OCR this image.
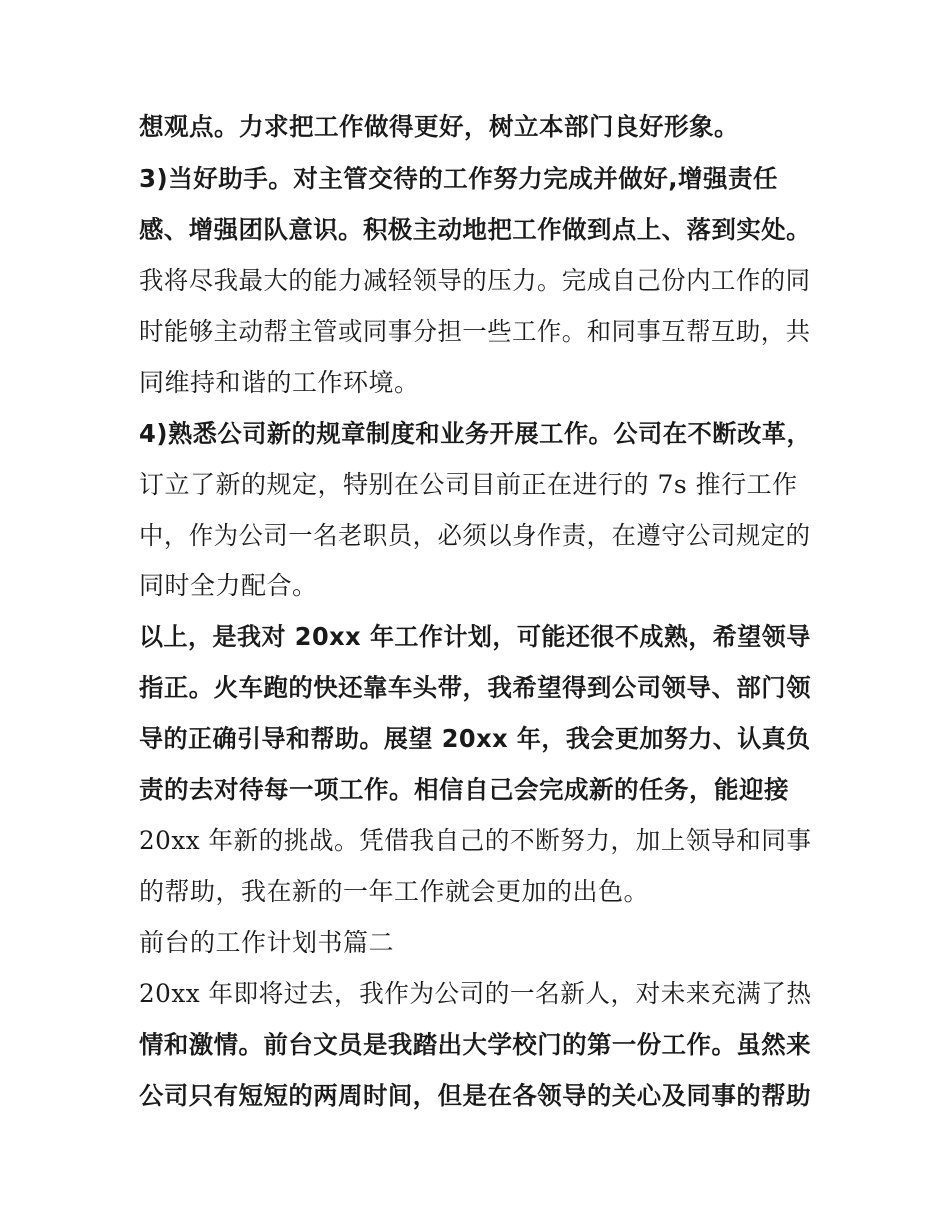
想观点。力求把工作做得更好，树立本部门良好形象。
3)当好助手。对主管交待的工作努力完成并做好,增强责任
感、增强团队意识。积极主动地把工作做到点上、落到实处。
我将尽我最大的能力减轻领导的压力。完成自己份内工作的同
时能够主动帮主管或同事分担一些工作。和同事互帮互助，共
同维持和谐的工作环境。
4)熟悉公司新的规章制度和业务开展工作。公司在不断改革，
订立了新的规定，特别在公司目前正在进行的 7s 推行工作
中，作为公司一名老职员，必须以身作责，在遵守公司规定的
同时全力配合。
以上，是我对 20xx 年工作计划，可能还很不成熟，希望领导
指正。火车跑的快还靠车头带，我希望得到公司领导、部门领
导的正确引导和帮助。展望 20xx 年，我会更加努力、认真负
责的去对待每一项工作。相信自己会完成新的任务，能迎接
20xx 年新的挑战。凭借我自己的不断努力，加上领导和同事
的帮助，我在新的一年工作就会更加的出色。
前台的工作计划书篇二
20xx 年即将过去，我作为公司的一名新人，对未来充满了热
情和激情。前台文员是我踏出大学校门的第一份工作。虽然来
公司只有短短的两周时间，但是在各领导的关心及同事的帮助
